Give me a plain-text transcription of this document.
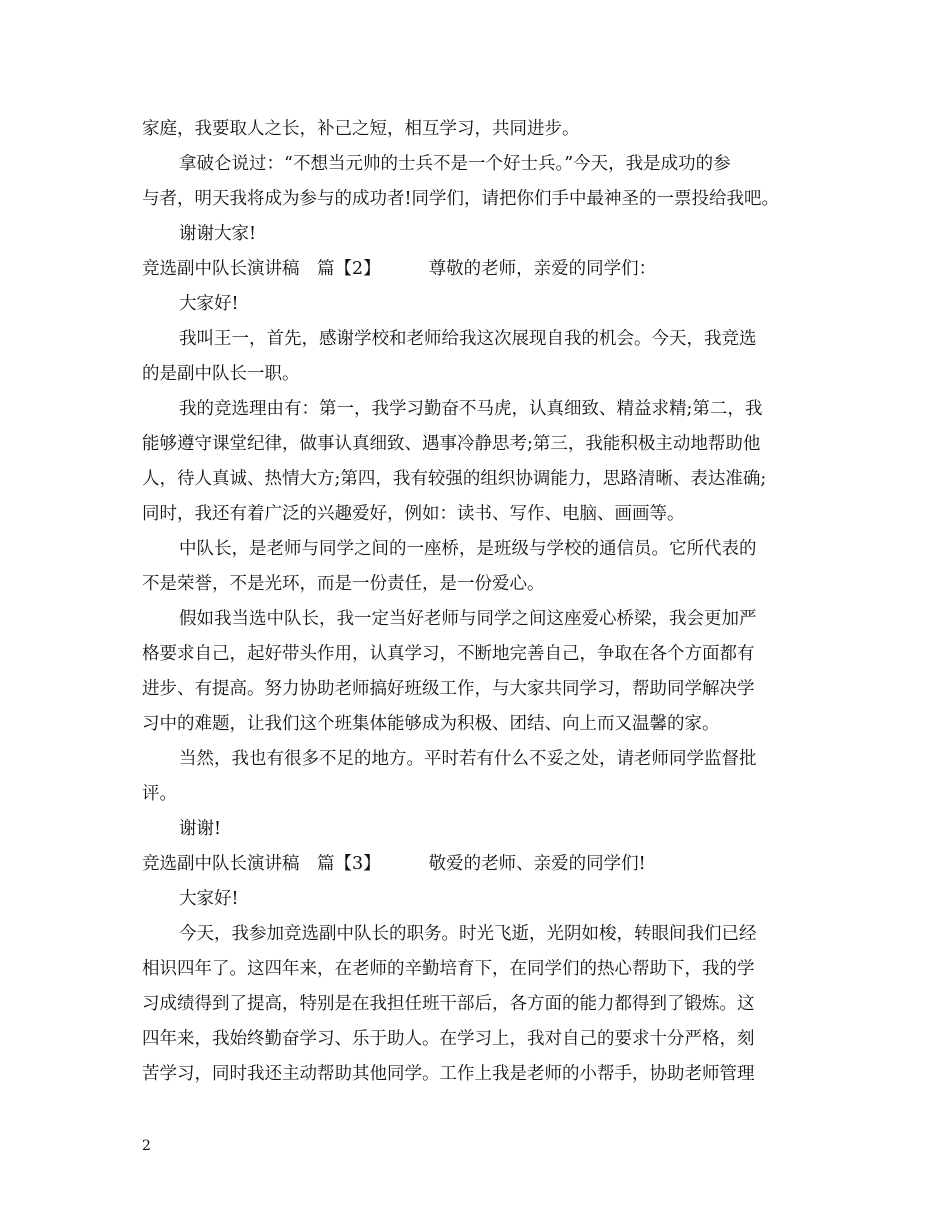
家庭，我要取人之长，补己之短，相互学习，共同进步。
拿破仑说过：“不想当元帅的士兵不是一个好士兵。”今天，我是成功的参
与者，明天我将成为参与的成功者!同学们，请把你们手中最神圣的一票投给我吧。
谢谢大家!
竞选副中队长演讲稿　篇【2】	尊敬的老师，亲爱的同学们：
大家好!
我叫王一，首先，感谢学校和老师给我这次展现自我的机会。今天，我竞选
的是副中队长一职。
我的竞选理由有：第一，我学习勤奋不马虎，认真细致、精益求精;第二，我
能够遵守课堂纪律，做事认真细致、遇事冷静思考;第三，我能积极主动地帮助他
人，待人真诚、热情大方;第四，我有较强的组织协调能力，思路清晰、表达准确;
同时，我还有着广泛的兴趣爱好，例如：读书、写作、电脑、画画等。
中队长，是老师与同学之间的一座桥，是班级与学校的通信员。它所代表的
不是荣誉，不是光环，而是一份责任，是一份爱心。
假如我当选中队长，我一定当好老师与同学之间这座爱心桥梁，我会更加严
格要求自己，起好带头作用，认真学习，不断地完善自己，争取在各个方面都有
进步、有提高。努力协助老师搞好班级工作，与大家共同学习，帮助同学解决学
习中的难题，让我们这个班集体能够成为积极、团结、向上而又温馨的家。
当然，我也有很多不足的地方。平时若有什么不妥之处，请老师同学监督批
评。
谢谢!
竞选副中队长演讲稿　篇【3】	敬爱的老师、亲爱的同学们!
大家好!
今天，我参加竞选副中队长的职务。时光飞逝，光阴如梭，转眼间我们已经
相识四年了。这四年来，在老师的辛勤培育下，在同学们的热心帮助下，我的学
习成绩得到了提高，特别是在我担任班干部后，各方面的能力都得到了锻炼。这
四年来，我始终勤奋学习、乐于助人。在学习上，我对自己的要求十分严格，刻
苦学习，同时我还主动帮助其他同学。工作上我是老师的小帮手，协助老师管理
2
